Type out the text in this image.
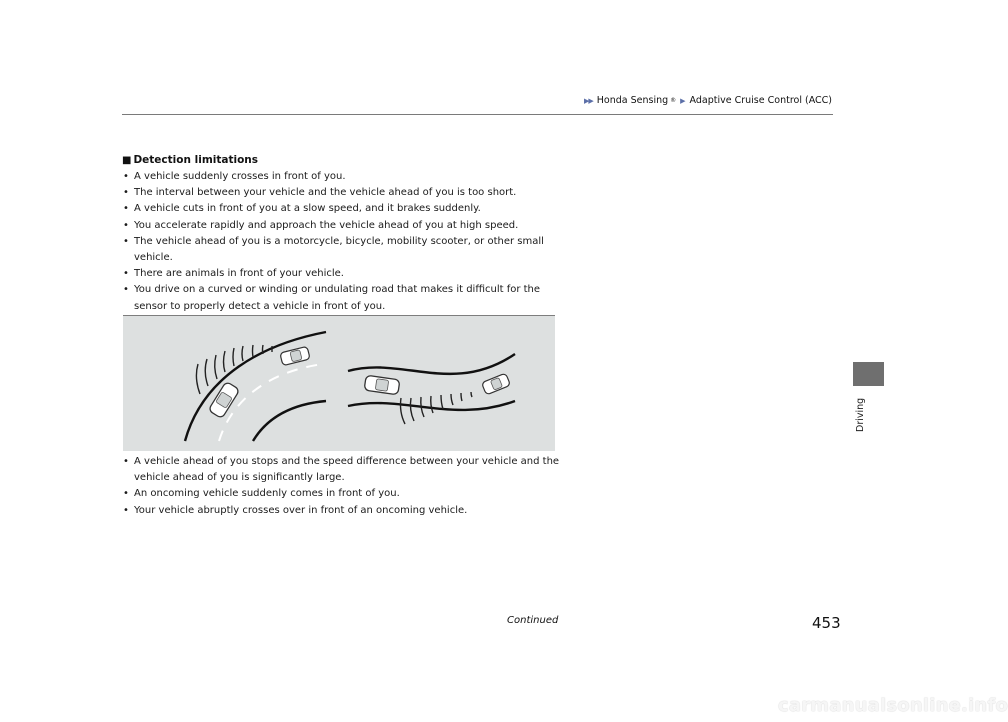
▶▶ Honda Sensing ® ▶ Adaptive Cruise Control (ACC)
Driving
■ Detection limitations
• A vehicle suddenly crosses in front of you.
• The interval between your vehicle and the vehicle ahead of you is too short.
• A vehicle cuts in front of you at a slow speed, and it brakes suddenly.
• You accelerate rapidly and approach the vehicle ahead of you at high speed.
• The vehicle ahead of you is a motorcycle, bicycle, mobility scooter, or other small vehicle.
• There are animals in front of your vehicle.
• You drive on a curved or winding or undulating road that makes it difficult for the sensor to properly detect a vehicle in front of you.
• A vehicle ahead of you stops and the speed difference between your vehicle and the vehicle ahead of you is significantly large.
• An oncoming vehicle suddenly comes in front of you.
• Your vehicle abruptly crosses over in front of an oncoming vehicle.
Continued	453
carmanualsonline.info
